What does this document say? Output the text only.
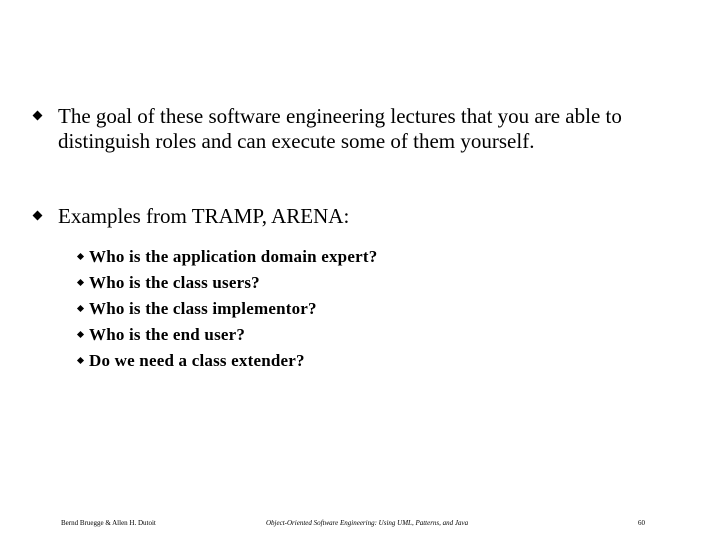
The goal of these software engineering lectures that you are able to distinguish roles and can execute some of them yourself.
Examples from TRAMP, ARENA:
Who is the application domain expert?
Who is the class users?
Who is the class implementor?
Who is the end user?
Do we need a class extender?
Bernd Bruegge & Allen H. Dutoit	Object-Oriented Software Engineering: Using UML, Patterns, and Java	60
